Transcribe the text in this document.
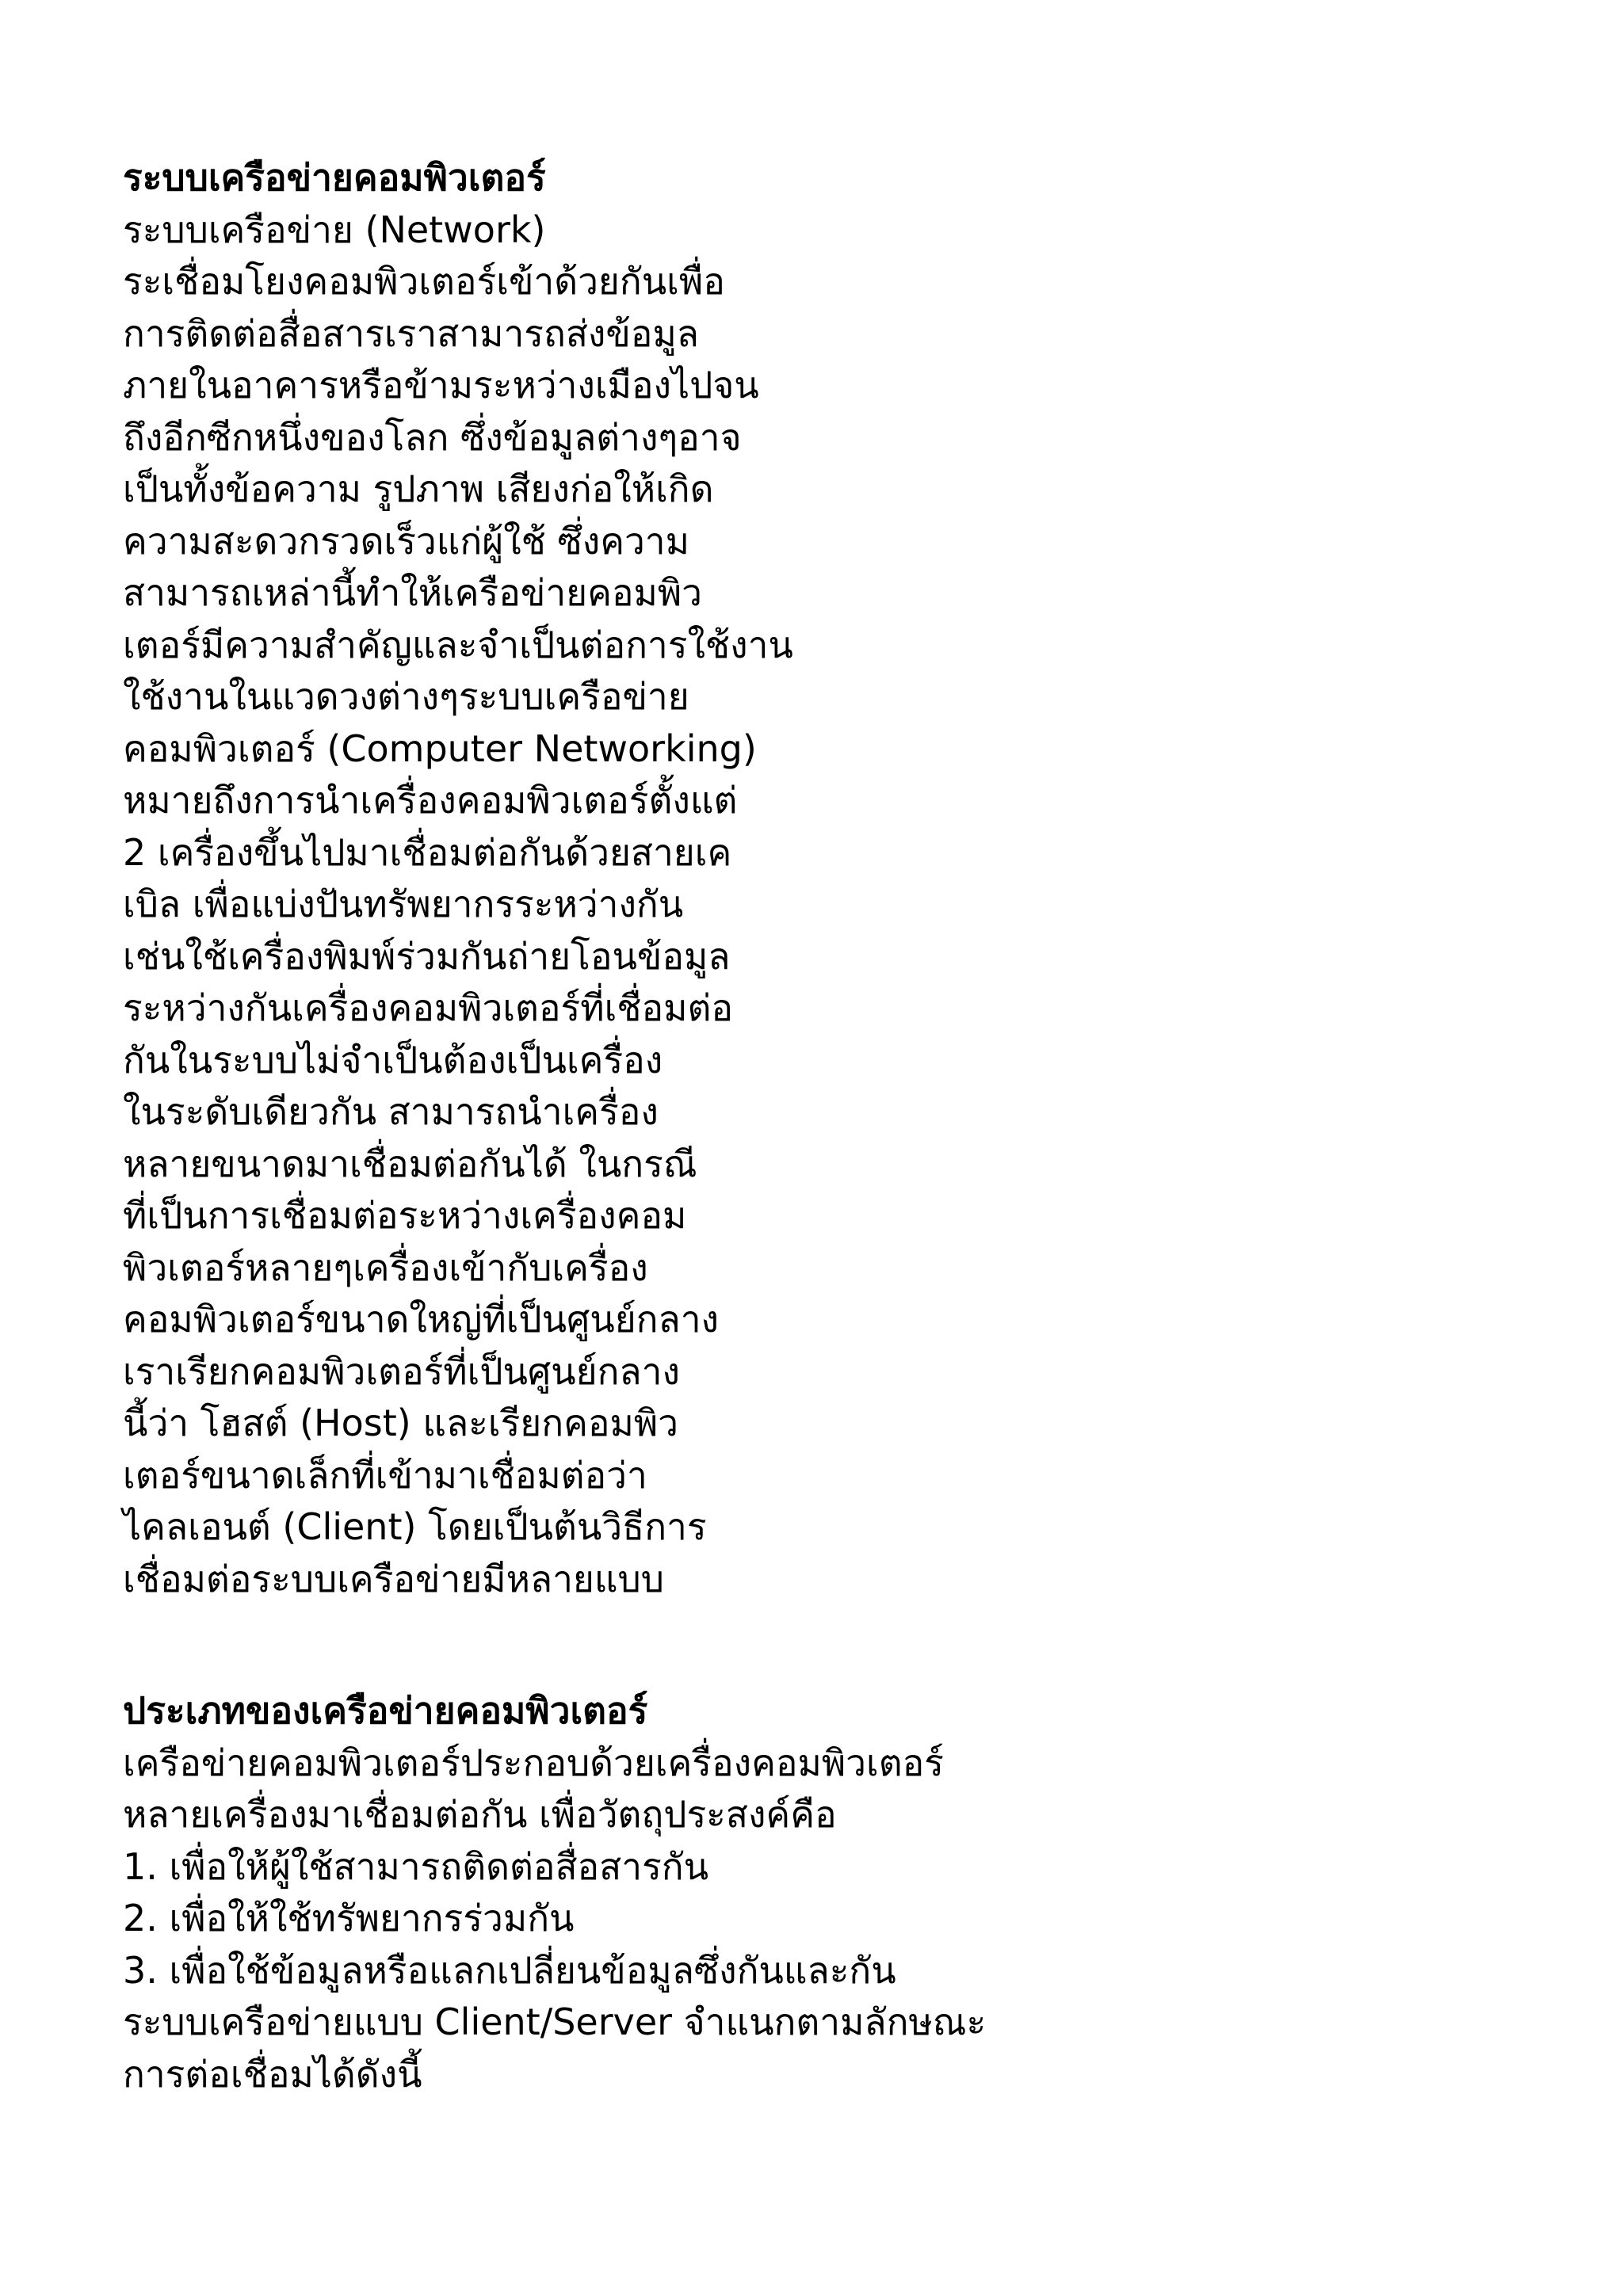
ระบบเครือข่ายคอมพิวเตอร์
ระบบเครือข่าย (Network)
ระเชื่อมโยงคอมพิวเตอร์เข้าด้วยกันเพื่อ
การติดต่อสื่อสารเราสามารถส่งข้อมูล
ภายในอาคารหรือข้ามระหว่างเมืองไปจน
ถึงอีกซีกหนึ่งของโลก ซึ่งข้อมูลต่างๆอาจ
เป็นทั้งข้อความ รูปภาพ เสียงก่อให้เกิด
ความสะดวกรวดเร็วแก่ผู้ใช้ ซึ่งความ
สามารถเหล่านี้ทำให้เครือข่ายคอมพิว
เตอร์มีความสำคัญและจำเป็นต่อการใช้งาน
ใช้งานในแวดวงต่างๆระบบเครือข่าย
คอมพิวเตอร์ (Computer Networking)
หมายถึงการนำเครื่องคอมพิวเตอร์ตั้งแต่
2 เครื่องขึ้นไปมาเชื่อมต่อกันด้วยสายเค
เบิล เพื่อแบ่งปันทรัพยากรระหว่างกัน
เช่นใช้เครื่องพิมพ์ร่วมกันถ่ายโอนข้อมูล
ระหว่างกันเครื่องคอมพิวเตอร์ที่เชื่อมต่อ
กันในระบบไม่จำเป็นต้องเป็นเครื่อง
ในระดับเดียวกัน สามารถนำเครื่อง
หลายขนาดมาเชื่อมต่อกันได้ ในกรณี
ที่เป็นการเชื่อมต่อระหว่างเครื่องคอม
พิวเตอร์หลายๆเครื่องเข้ากับเครื่อง
คอมพิวเตอร์ขนาดใหญ่ที่เป็นศูนย์กลาง
เราเรียกคอมพิวเตอร์ที่เป็นศูนย์กลาง
นี้ว่า โฮสต์ (Host) และเรียกคอมพิว
เตอร์ขนาดเล็กที่เข้ามาเชื่อมต่อว่า
ไคลเอนต์ (Client) โดยเป็นต้นวิธีการ
เชื่อมต่อระบบเครือข่ายมีหลายแบบ
ประเภทของเครือข่ายคอมพิวเตอร์
เครือข่ายคอมพิวเตอร์ประกอบด้วยเครื่องคอมพิวเตอร์
หลายเครื่องมาเชื่อมต่อกัน เพื่อวัตถุประสงค์คือ
1. เพื่อให้ผู้ใช้สามารถติดต่อสื่อสารกัน
2. เพื่อให้ใช้ทรัพยากรร่วมกัน
3. เพื่อใช้ข้อมูลหรือแลกเปลี่ยนข้อมูลซึ่งกันและกัน
ระบบเครือข่ายแบบ Client/Server จำแนกตามลักษณะ
การต่อเชื่อมได้ดังนี้
